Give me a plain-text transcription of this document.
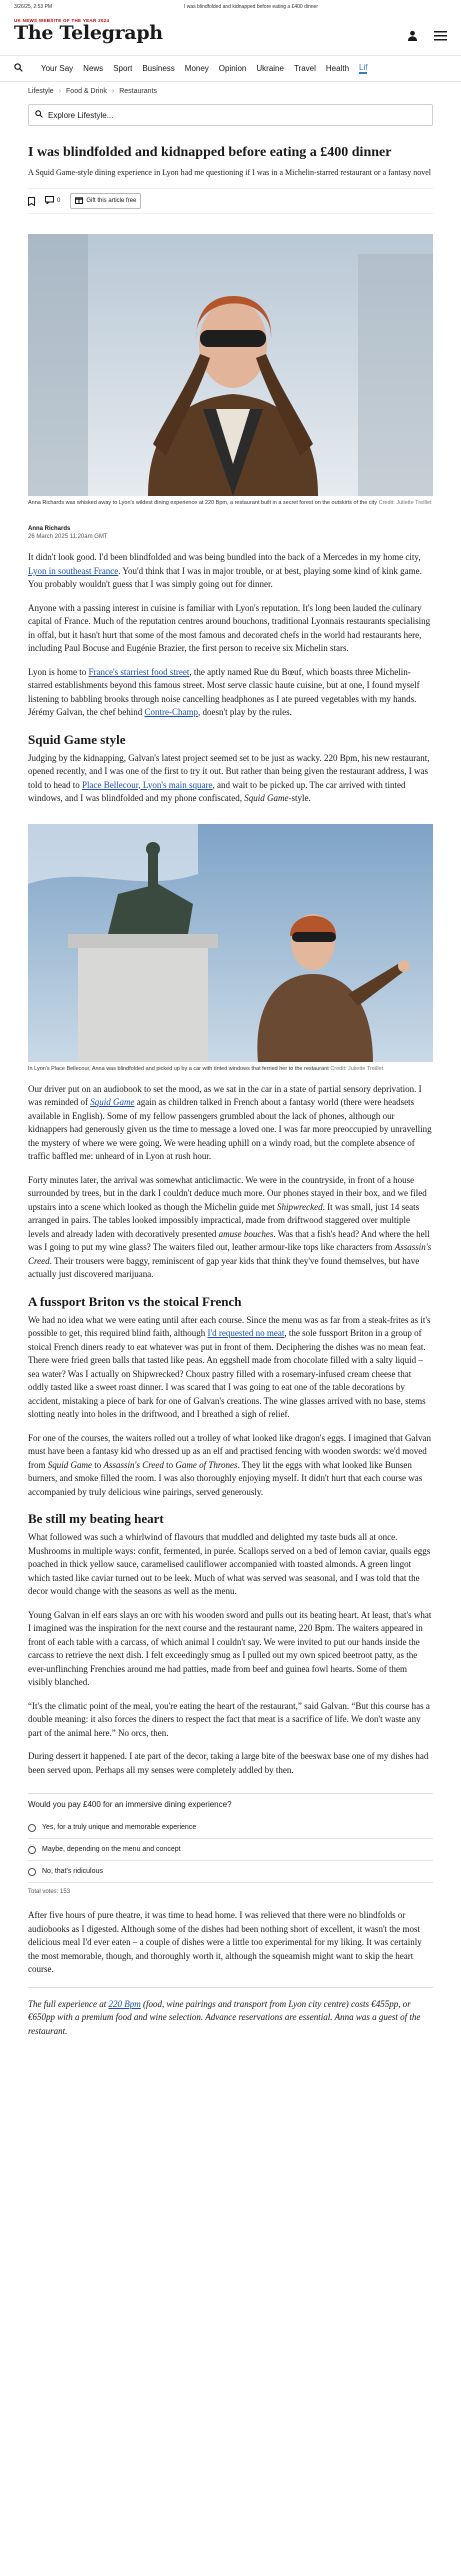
3/26/25, 2:53 PM	I was blindfolded and kidnapped before eating a £400 dinner
UK NEWS WEBSITE OF THE YEAR 2024
The Telegraph
Your Say News Sport Business Money Opinion Ukraine Travel Health Lif
Lifestyle › Food & Drink › Restaurants
Explore Lifestyle...
I was blindfolded and kidnapped before eating a £400 dinner

A Squid Game-style dining experience in Lyon had me questioning if I was in a Michelin-starred restaurant or a fantasy novel

0	Gift this article free
Anna Richards was whisked away to Lyon's wildest dining experience at 220 Bpm, a restaurant built in a secret forest on the outskirts of the city Credit: Juliette Treillet
Anna Richards
26 March 2025 11:20am GMT

It didn't look good. I'd been blindfolded and was being bundled into the back of a Mercedes in my home city, Lyon in southeast France. You'd think that I was in major trouble, or at best, playing some kind of kink game. You probably wouldn't guess that I was simply going out for dinner.

Anyone with a passing interest in cuisine is familiar with Lyon's reputation. It's long been lauded the culinary capital of France. Much of the reputation centres around bouchons, traditional Lyonnais restaurants specialising in offal, but it hasn't hurt that some of the most famous and decorated chefs in the world had restaurants here, including Paul Bocuse and Eugénie Brazier, the first person to receive six Michelin stars.

Lyon is home to France's starriest food street, the aptly named Rue du Bœuf, which boasts three Michelin-starred establishments beyond this famous street. Most serve classic haute cuisine, but at one, I found myself listening to babbling brooks through noise cancelling headphones as I ate pureed vegetables with my hands. Jérémy Galvan, the chef behind Contre-Champ, doesn't play by the rules.

Squid Game style

Judging by the kidnapping, Galvan's latest project seemed set to be just as wacky. 220 Bpm, his new restaurant, opened recently, and I was one of the first to try it out. But rather than being given the restaurant address, I was told to head to Place Bellecour, Lyon's main square, and wait to be picked up. The car arrived with tinted windows, and I was blindfolded and my phone confiscated, Squid Game-style.

In Lyon's Place Bellecour, Anna was blindfolded and picked up by a car with tinted windows that ferried her to the restaurant Credit: Juliette Treillet

Our driver put on an audiobook to set the mood, as we sat in the car in a state of partial sensory deprivation. I was reminded of Squid Game again as children talked in French about a fantasy world (there were headsets available in English). Some of my fellow passengers grumbled about the lack of phones, although our kidnappers had generously given us the time to message a loved one. I was far more preoccupied by unravelling the mystery of where we were going. We were heading uphill on a windy road, but the complete absence of traffic baffled me: unheard of in Lyon at rush hour.

Forty minutes later, the arrival was somewhat anticlimactic. We were in the countryside, in front of a house surrounded by trees, but in the dark I couldn't deduce much more. Our phones stayed in their box, and we filed upstairs into a scene which looked as though the Michelin guide met Shipwrecked. It was small, just 14 seats arranged in pairs. The tables looked impossibly impractical, made from driftwood staggered over multiple levels and already laden with decoratively presented amuse bouches. Was that a fish's head? And where the hell was I going to put my wine glass? The waiters filed out, leather armour-like tops like characters from Assassin's Creed. Their trousers were baggy, reminiscent of gap year kids that think they've found themselves, but have actually just discovered marijuana.

A fussport Briton vs the stoical French

We had no idea what we were eating until after each course. Since the menu was as far from a steak-frites as it's possible to get, this required blind faith, although I'd requested no meat, the sole fussport Briton in a group of stoical French diners ready to eat whatever was put in front of them. Deciphering the dishes was no mean feat. There were fried green balls that tasted like peas. An eggshell made from chocolate filled with a salty liquid – sea water? Was I actually on Shipwrecked? Choux pastry filled with a rosemary-infused cream cheese that oddly tasted like a sweet roast dinner. I was scared that I was going to eat one of the table decorations by accident, mistaking a piece of bark for one of Galvan's creations. The wine glasses arrived with no base, stems slotting neatly into holes in the driftwood, and I breathed a sigh of relief.

For one of the courses, the waiters rolled out a trolley of what looked like dragon's eggs. I imagined that Galvan must have been a fantasy kid who dressed up as an elf and practised fencing with wooden swords: we'd moved from Squid Game to Assassin's Creed to Game of Thrones. They lit the eggs with what looked like Bunsen burners, and smoke filled the room. I was also thoroughly enjoying myself. It didn't hurt that each course was accompanied by truly delicious wine pairings, served generously.

Be still my beating heart

What followed was such a whirlwind of flavours that muddled and delighted my taste buds all at once. Mushrooms in multiple ways: confit, fermented, in purée. Scallops served on a bed of lemon caviar, quails eggs poached in thick yellow sauce, caramelised cauliflower accompanied with toasted almonds. A green lingot which tasted like caviar turned out to be leek. Much of what was served was seasonal, and I was told that the decor would change with the seasons as well as the menu.

Young Galvan in elf ears slays an orc with his wooden sword and pulls out its beating heart. At least, that's what I imagined was the inspiration for the next course and the restaurant name, 220 Bpm. The waiters appeared in front of each table with a carcass, of which animal I couldn't say. We were invited to put our hands inside the carcass to retrieve the next dish. I felt exceedingly smug as I pulled out my own spiced beetroot patty, as the ever-unflinching Frenchies around me had patties, made from beef and guinea fowl hearts. Some of them visibly blanched.

“It's the climatic point of the meal, you're eating the heart of the restaurant,” said Galvan. “But this course has a double meaning: it also forces the diners to respect the fact that meat is a sacrifice of life. We don't waste any part of the animal here.” No orcs, then.

During dessert it happened. I ate part of the decor, taking a large bite of the beeswax base one of my dishes had been served upon. Perhaps all my senses were completely addled by then.

Would you pay £400 for an immersive dining experience?
Yes, for a truly unique and memorable experience
Maybe, depending on the menu and concept
No, that's ridiculous
Total votes: 153

After five hours of pure theatre, it was time to head home. I was relieved that there were no blindfolds or audiobooks as I digested. Although some of the dishes had been nothing short of excellent, it wasn't the most delicious meal I'd ever eaten – a couple of dishes were a little too experimental for my liking. It was certainly the most memorable, though, and thoroughly worth it, although the squeamish might want to skip the heart course.

The full experience at 220 Bpm (food, wine pairings and transport from Lyon city centre) costs €455pp, or €650pp with a premium food and wine selection. Advance reservations are essential. Anna was a guest of the restaurant.
